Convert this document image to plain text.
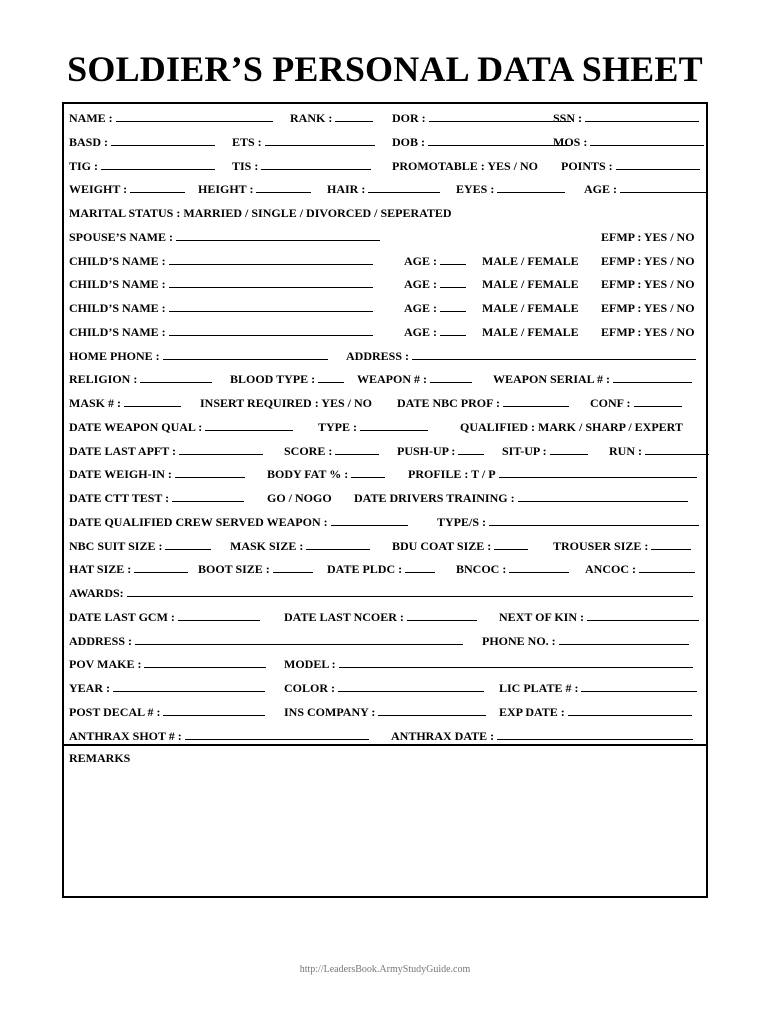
SOLDIER’S PERSONAL DATA SHEET
NAME :	RANK :	DOR :	SSN :
BASD :	ETS :	DOB :	MOS :
TIG :	TIS :	PROMOTABLE : YES / NO POINTS :
WEIGHT :	HEIGHT :	HAIR :	EYES :	AGE :
MARITAL STATUS : MARRIED / SINGLE / DIVORCED / SEPERATED
SPOUSE’S NAME :	EFMP : YES / NO
CHILD’S NAME :	AGE :	MALE / FEMALE EFMP : YES / NO
CHILD’S NAME :	AGE :	MALE / FEMALE EFMP : YES / NO
CHILD’S NAME :	AGE :	MALE / FEMALE EFMP : YES / NO
CHILD’S NAME :	AGE :	MALE / FEMALE EFMP : YES / NO
HOME PHONE :	ADDRESS :
RELIGION :	BLOOD TYPE :	WEAPON # :	WEAPON SERIAL # :
MASK # :	INSERT REQUIRED : YES / NO DATE NBC PROF :	CONF :
DATE WEAPON QUAL :	TYPE :	QUALIFIED : MARK / SHARP / EXPERT
DATE LAST APFT :	SCORE :	PUSH-UP :	SIT-UP :	RUN :
DATE WEIGH-IN :	BODY FAT % :	PROFILE : T / P
DATE CTT TEST :	GO / NOGO DATE DRIVERS TRAINING :
DATE QUALIFIED CREW SERVED WEAPON :	TYPE/S :
NBC SUIT SIZE :	MASK SIZE :	BDU COAT SIZE :	TROUSER SIZE :
HAT SIZE :	BOOT SIZE :	DATE PLDC :	BNCOC :	ANCOC :
AWARDS:
DATE LAST GCM :	DATE LAST NCOER :	NEXT OF KIN :
ADDRESS :	PHONE NO. :
POV MAKE :	MODEL :
YEAR :	COLOR :	LIC PLATE # :
POST DECAL # :	INS COMPANY :	EXP DATE :
ANTHRAX SHOT # :	ANTHRAX DATE :
REMARKS
http://LeadersBook.ArmyStudyGuide.com
